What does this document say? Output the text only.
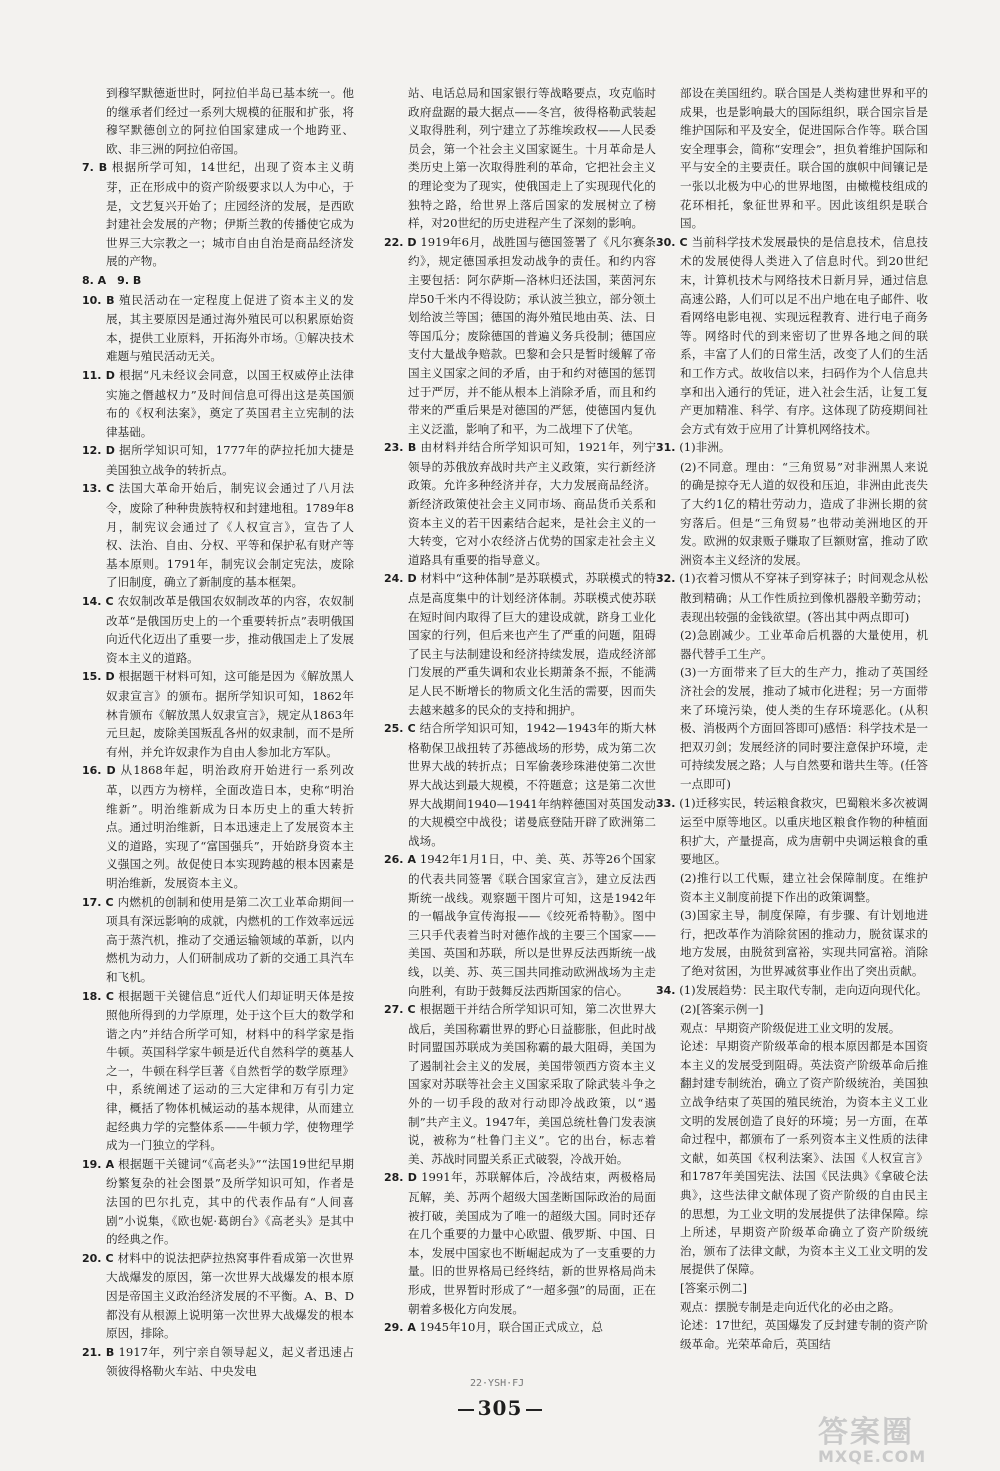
到穆罕默德逝世时，阿拉伯半岛已基本统一。他的继承者们经过一系列大规模的征服和扩张，将穆罕默德创立的阿拉伯国家建成一个地跨亚、欧、非三洲的阿拉伯帝国。

7. B 根据所学可知，14世纪，出现了资本主义萌芽，正在形成中的资产阶级要求以人为中心，于是，文艺复兴开始了；庄园经济的发展，是西欧封建社会发展的产物；伊斯兰教的传播使它成为世界三大宗教之一；城市自由自治是商品经济发展的产物。

8. A　9. B

10. B 殖民活动在一定程度上促进了资本主义的发展，其主要原因是通过海外殖民可以积累原始资本，提供工业原料，开拓海外市场。①解决技术难题与殖民活动无关。

11. D 根据“凡未经议会同意，以国王权威停止法律实施之僭越权力”及时间信息可得出这是英国颁布的《权利法案》，奠定了英国君主立宪制的法律基础。

12. D 据所学知识可知，1777年的萨拉托加大捷是美国独立战争的转折点。

13. C 法国大革命开始后，制宪议会通过了八月法令，废除了种种贵族特权和封建地租。1789年8月，制宪议会通过了《人权宣言》，宣告了人权、法治、自由、分权、平等和保护私有财产等基本原则。1791年，制宪议会制定宪法，废除了旧制度，确立了新制度的基本框架。

14. C 农奴制改革是俄国农奴制改革的内容，农奴制改革“是俄国历史上的一个重要转折点”表明俄国向近代化迈出了重要一步，推动俄国走上了发展资本主义的道路。

15. D 根据题干材料可知，这可能是因为《解放黑人奴隶宣言》的颁布。据所学知识可知，1862年林肯颁布《解放黑人奴隶宣言》，规定从1863年元旦起，废除美国叛乱各州的奴隶制，而不是所有州，并允许奴隶作为自由人参加北方军队。

16. D 从1868年起，明治政府开始进行一系列改革，以西方为榜样，全面改造日本，史称“明治维新”。明治维新成为日本历史上的重大转折点。通过明治维新，日本迅速走上了发展资本主义的道路，实现了“富国强兵”，开始跻身资本主义强国之列。故促使日本实现跨越的根本因素是明治维新，发展资本主义。

17. C 内燃机的创制和使用是第二次工业革命期间一项具有深远影响的成就，内燃机的工作效率远远高于蒸汽机，推动了交通运输领域的革新，以内燃机为动力，人们研制成功了新的交通工具汽车和飞机。

18. C 根据题干关键信息“近代人们却证明天体是按照他所得到的力学原理，处于这个巨大的数学和谐之内”并结合所学可知，材料中的科学家是指牛顿。英国科学家牛顿是近代自然科学的奠基人之一，牛顿在科学巨著《自然哲学的数学原理》中，系统阐述了运动的三大定律和万有引力定律，概括了物体机械运动的基本规律，从而建立起经典力学的完整体系——牛顿力学，使物理学成为一门独立的学科。

19. A 根据题干关键词“《高老头》”“法国19世纪早期纷繁复杂的社会图景”及所学知识可知，作者是法国的巴尔扎克，其中的代表作品有“人间喜剧”小说集，《欧也妮·葛朗台》《高老头》是其中的经典之作。

20. C 材料中的说法把萨拉热窝事件看成第一次世界大战爆发的原因，第一次世界大战爆发的根本原因是帝国主义政治经济发展的不平衡。A、B、D都没有从根源上说明第一次世界大战爆发的根本原因，排除。

21. B 1917年，列宁亲自领导起义，起义者迅速占领彼得格勒火车站、中央发电

站、电话总局和国家银行等战略要点，攻克临时政府盘踞的最大据点——冬宫，彼得格勒武装起义取得胜利，列宁建立了苏维埃政权——人民委员会，第一个社会主义国家诞生。十月革命是人类历史上第一次取得胜利的革命，它把社会主义的理论变为了现实，使俄国走上了实现现代化的独特之路，给世界上落后国家的发展树立了榜样，对20世纪的历史进程产生了深刻的影响。

22. D 1919年6月，战胜国与德国签署了《凡尔赛条约》，规定德国承担发动战争的责任。和约内容主要包括：阿尔萨斯—洛林归还法国，莱茵河东岸50千米内不得设防；承认波兰独立，部分领土划给波兰等国；德国的海外殖民地由英、法、日等国瓜分；废除德国的普遍义务兵役制；德国应支付大量战争赔款。巴黎和会只是暂时缓解了帝国主义国家之间的矛盾，由于和约对德国的惩罚过于严厉，并不能从根本上消除矛盾，而且和约带来的严重后果是对德国的严惩，使德国内复仇主义泛滥，影响了和平，为二战埋下了伏笔。

23. B 由材料并结合所学知识可知，1921年，列宁领导的苏俄放弃战时共产主义政策，实行新经济政策。允许多种经济并存，大力发展商品经济。新经济政策使社会主义同市场、商品货币关系和资本主义的若干因素结合起来，是社会主义的一大转变，它对小农经济占优势的国家走社会主义道路具有重要的指导意义。

24. D 材料中“这种体制”是苏联模式，苏联模式的特点是高度集中的计划经济体制。苏联模式使苏联在短时间内取得了巨大的建设成就，跻身工业化国家的行列，但后来也产生了严重的问题，阻碍了民主与法制建设和经济持续发展，造成经济部门发展的严重失调和农业长期萧条不振，不能满足人民不断增长的物质文化生活的需要，因而失去越来越多的民众的支持和拥护。

25. C 结合所学知识可知，1942—1943年的斯大林格勒保卫战扭转了苏德战场的形势，成为第二次世界大战的转折点；日军偷袭珍珠港使第二次世界大战达到最大规模，不符题意；这是第二次世界大战期间1940—1941年纳粹德国对英国发动的大规模空中战役；诺曼底登陆开辟了欧洲第二战场。

26. A 1942年1月1日，中、美、英、苏等26个国家的代表共同签署《联合国家宣言》，建立反法西斯统一战线。观察题干图片可知，这是1942年的一幅战争宣传海报——《绞死希特勒》。图中三只手代表着当时对德作战的主要三个国家——美国、英国和苏联，所以是世界反法西斯统一战线，以美、苏、英三国共同推动欧洲战场为主走向胜利，有助于鼓舞反法西斯国家的信心。

27. C 根据题干并结合所学知识可知，第二次世界大战后，美国称霸世界的野心日益膨胀，但此时战时同盟国苏联成为美国称霸的最大阻碍，美国为了遏制社会主义的发展，美国带领西方资本主义国家对苏联等社会主义国家采取了除武装斗争之外的一切手段的敌对行动即冷战政策，以“遏制”共产主义。1947年，美国总统杜鲁门发表演说，被称为“杜鲁门主义”。它的出台，标志着美、苏战时同盟关系正式破裂，冷战开始。

28. D 1991年，苏联解体后，冷战结束，两极格局瓦解，美、苏两个超级大国垄断国际政治的局面被打破，美国成为了唯一的超级大国。同时还存在几个重要的力量中心欧盟、俄罗斯、中国、日本，发展中国家也不断崛起成为了一支重要的力量。旧的世界格局已经终结，新的世界格局尚未形成，世界暂时形成了“一超多强”的局面，正在朝着多极化方向发展。

29. A 1945年10月，联合国正式成立，总

部设在美国纽约。联合国是人类构建世界和平的成果，也是影响最大的国际组织，联合国宗旨是维护国际和平及安全，促进国际合作等。联合国安全理事会，简称“安理会”，担负着维护国际和平与安全的主要责任。联合国的旗帜中间镶记是一张以北极为中心的世界地图，由橄榄枝组成的花环相托，象征世界和平。因此该组织是联合国。

30. C 当前科学技术发展最快的是信息技术，信息技术的发展使得人类进入了信息时代。到20世纪末，计算机技术与网络技术日新月异，通过信息高速公路，人们可以足不出户地在电子邮件、收看网络电影电视、实现远程教育、进行电子商务等。网络时代的到来密切了世界各地之间的联系，丰富了人们的日常生活，改变了人们的生活和工作方式。故收信以来，扫码作为个人信息共享和出入通行的凭证，进入社会生活，让复工复产更加精准、科学、有序。这体现了防疫期间社会方式有效于应用了计算机网络技术。

31. (1)非洲。
(2)不同意。理由：“三角贸易”对非洲黑人来说的确是掠夺无人道的奴役和压迫，非洲由此丧失了大约1亿的精壮劳动力，造成了非洲长期的贫穷落后。但是“三角贸易”也带动美洲地区的开发。欧洲的奴隶贩子赚取了巨额财富，推动了欧洲资本主义经济的发展。

32. (1)衣着习惯从不穿袜子到穿袜子；时间观念从松散到精确；从工作性质拉到像机器般辛勤劳动；表现出较强的金钱欲望。(答出其中两点即可)
(2)急剧减少。工业革命后机器的大量使用，机器代替手工生产。
(3)一方面带来了巨大的生产力，推动了英国经济社会的发展，推动了城市化进程；另一方面带来了环境污染，使人类的生存环境恶化。(从积极、消极两个方面回答即可)感悟：科学技术是一把双刃剑；发展经济的同时要注意保护环境，走可持续发展之路；人与自然要和谐共生等。(任答一点即可)

33. (1)迁移实民，转运粮食救灾，巴蜀粮米多次被调运至中原等地区。以重庆地区粮食作物的种植面积扩大，产量提高，成为唐朝中央调运粮食的重要地区。
(2)推行以工代赈，建立社会保障制度。在维护资本主义制度前提下作出的政策调整。
(3)国家主导，制度保障，有步骤、有计划地进行，把改革作为消除贫困的推动力，脱贫谋求的地方发展，由脱贫到富裕，实现共同富裕。消除了绝对贫困，为世界减贫事业作出了突出贡献。

34. (1)发展趋势：民主取代专制，走向迈向现代化。
(2)[答案示例一]
观点：早期资产阶级促进工业文明的发展。
论述：早期资产阶级革命的根本原因都是本国资本主义的发展受到阻碍。英法资产阶级革命后推翻封建专制统治，确立了资产阶级统治，美国独立战争结束了英国的殖民统治，为资本主义工业文明的发展创造了良好的环境；另一方面，在革命过程中，都颁布了一系列资本主义性质的法律文献，如英国《权利法案》、法国《人权宣言》和1787年美国宪法、法国《民法典》《拿破仑法典》，这些法律文献体现了资产阶级的自由民主的思想，为工业文明的发展提供了法律保障。综上所述，早期资产阶级革命确立了资产阶级统治，颁布了法律文献，为资本主义工业文明的发展提供了保障。
[答案示例二]
观点：摆脱专制是走向近代化的必由之路。
论述：17世纪，英国爆发了反封建专制的资产阶级革命。光荣革命后，英国结

22·YSH·FJ
305
答案圈
MXQE.COM
